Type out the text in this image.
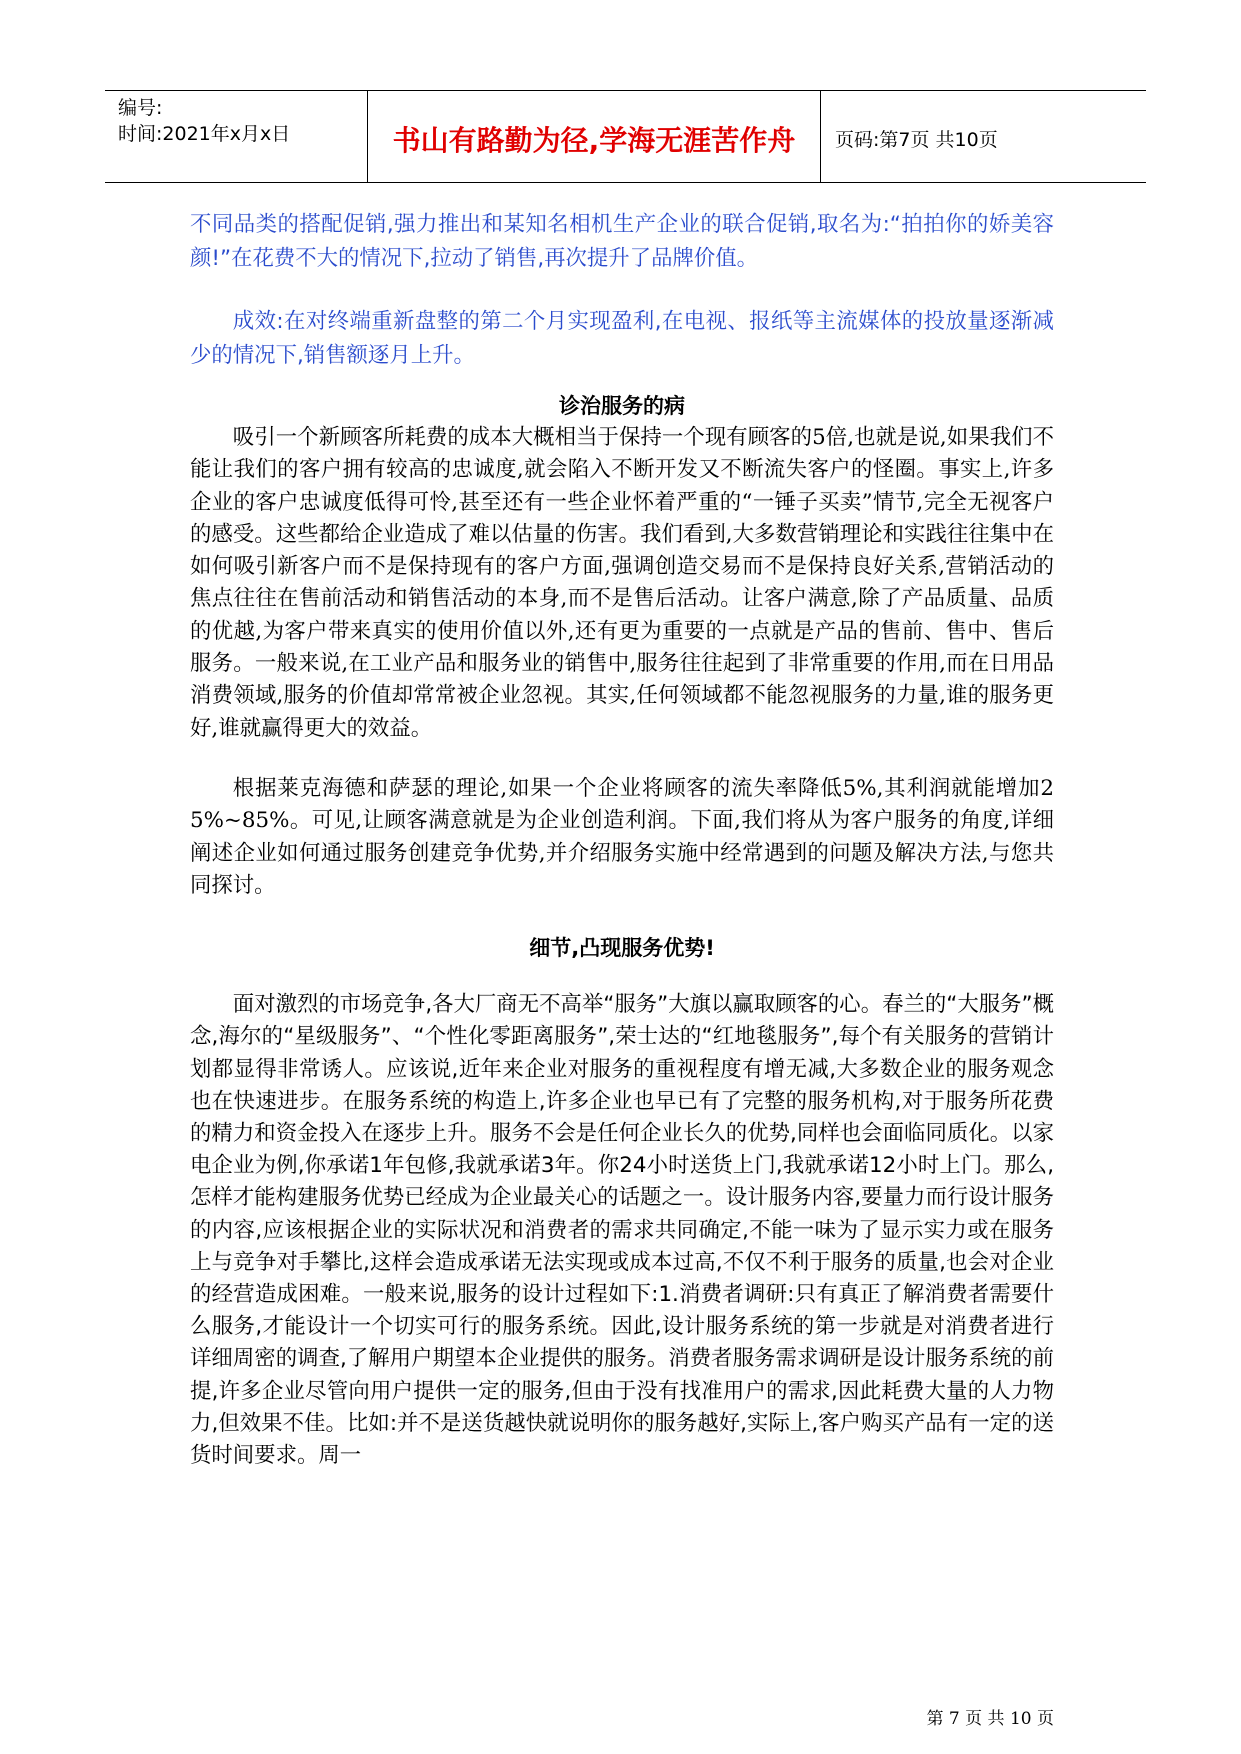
编号:
时间:2021年x月x日	书山有路勤为径,学海无涯苦作舟	页码:第7页 共10页

不同品类的搭配促销,强力推出和某知名相机生产企业的联合促销,取名为:“拍拍你的娇美容颜!”在花费不大的情况下,拉动了销售,再次提升了品牌价值。

成效:在对终端重新盘整的第二个月实现盈利,在电视、报纸等主流媒体的投放量逐渐减少的情况下,销售额逐月上升。

诊治服务的病

吸引一个新顾客所耗费的成本大概相当于保持一个现有顾客的5倍,也就是说,如果我们不能让我们的客户拥有较高的忠诚度,就会陷入不断开发又不断流失客户的怪圈。事实上,许多企业的客户忠诚度低得可怜,甚至还有一些企业怀着严重的“一锤子买卖”情节,完全无视客户的感受。这些都给企业造成了难以估量的伤害。我们看到,大多数营销理论和实践往往集中在如何吸引新客户而不是保持现有的客户方面,强调创造交易而不是保持良好关系,营销活动的焦点往往在售前活动和销售活动的本身,而不是售后活动。让客户满意,除了产品质量、品质的优越,为客户带来真实的使用价值以外,还有更为重要的一点就是产品的售前、售中、售后服务。一般来说,在工业产品和服务业的销售中,服务往往起到了非常重要的作用,而在日用品消费领域,服务的价值却常常被企业忽视。其实,任何领域都不能忽视服务的力量,谁的服务更好,谁就赢得更大的效益。

根据莱克海德和萨瑟的理论,如果一个企业将顾客的流失率降低5%,其利润就能增加25%~85%。可见,让顾客满意就是为企业创造利润。下面,我们将从为客户服务的角度,详细阐述企业如何通过服务创建竞争优势,并介绍服务实施中经常遇到的问题及解决方法,与您共同探讨。

细节,凸现服务优势!

面对激烈的市场竞争,各大厂商无不高举“服务”大旗以赢取顾客的心。春兰的“大服务”概念,海尔的“星级服务”、“个性化零距离服务”,荣士达的“红地毯服务”,每个有关服务的营销计划都显得非常诱人。应该说,近年来企业对服务的重视程度有增无减,大多数企业的服务观念也在快速进步。在服务系统的构造上,许多企业也早已有了完整的服务机构,对于服务所花费的精力和资金投入在逐步上升。服务不会是任何企业长久的优势,同样也会面临同质化。以家电企业为例,你承诺1年包修,我就承诺3年。你24小时送货上门,我就承诺12小时上门。那么,怎样才能构建服务优势已经成为企业最关心的话题之一。设计服务内容,要量力而行设计服务的内容,应该根据企业的实际状况和消费者的需求共同确定,不能一味为了显示实力或在服务上与竞争对手攀比,这样会造成承诺无法实现或成本过高,不仅不利于服务的质量,也会对企业的经营造成困难。一般来说,服务的设计过程如下:1.消费者调研:只有真正了解消费者需要什么服务,才能设计一个切实可行的服务系统。因此,设计服务系统的第一步就是对消费者进行详细周密的调查,了解用户期望本企业提供的服务。消费者服务需求调研是设计服务系统的前提,许多企业尽管向用户提供一定的服务,但由于没有找准用户的需求,因此耗费大量的人力物力,但效果不佳。比如:并不是送货越快就说明你的服务越好,实际上,客户购买产品有一定的送货时间要求。周一

第 7 页 共 10 页
